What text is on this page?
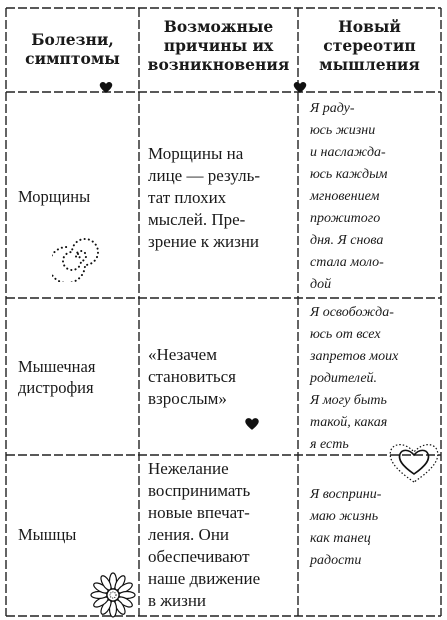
Болезни,
симптомы
Возможные
причины их
возникновения
Новый
стереотип
мышления
Морщины
Морщины на
лице — резуль-
тат плохих
мыслей. Пре-
зрение к жизни
Я раду-
юсь жизни
и наслажда-
юсь каждым
мгновением
прожитого
дня. Я снова
стала моло-
дой
Мышечная
дистрофия
«Незачем
становиться
взрослым»
Я освобожда-
юсь от всех
запретов моих
родителей.
Я могу быть
такой, какая
я есть
Мышцы
Нежелание
воспринимать
новые впечат-
ления. Они
обеспечивают
наше движение
в жизни
Я восприни-
маю жизнь
как танец
радости
